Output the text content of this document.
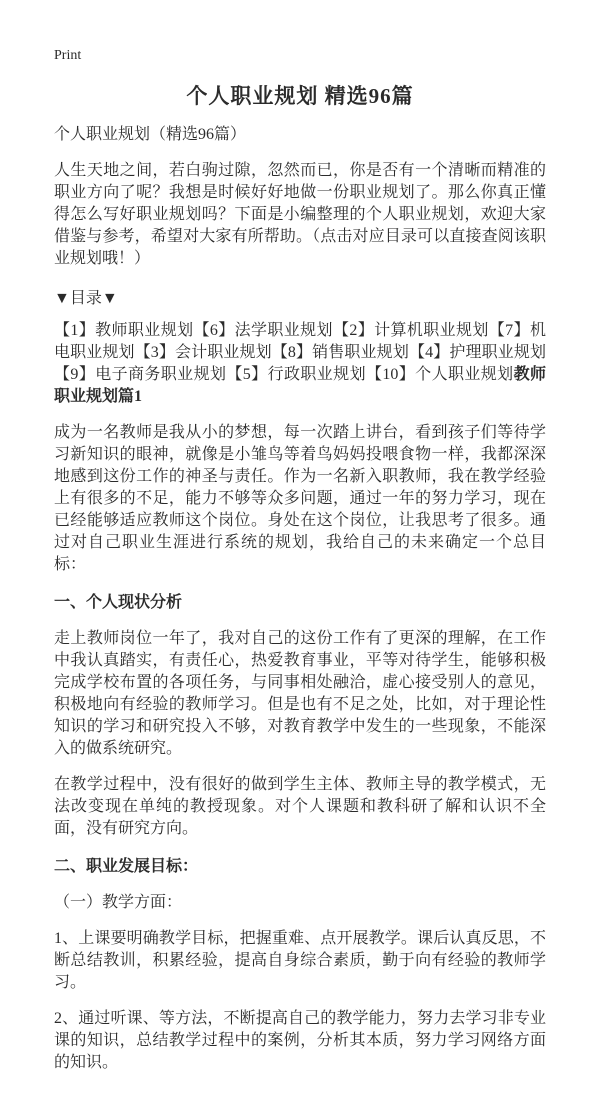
Print
个人职业规划 精选96篇

个人职业规划（精选96篇）

人生天地之间，若白驹过隙，忽然而已，你是否有一个清晰而精准的职业方向了呢？我想是时候好好地做一份职业规划了。那么你真正懂得怎么写好职业规划吗？下面是小编整理的个人职业规划，欢迎大家借鉴与参考，希望对大家有所帮助。（点击对应目录可以直接查阅该职业规划哦！）

▼目录▼

【1】教师职业规划【6】法学职业规划【2】计算机职业规划【7】机电职业规划【3】会计职业规划【8】销售职业规划【4】护理职业规划【9】电子商务职业规划【5】行政职业规划【10】个人职业规划教师职业规划篇1

成为一名教师是我从小的梦想，每一次踏上讲台，看到孩子们等待学习新知识的眼神，就像是小雏鸟等着鸟妈妈投喂食物一样，我都深深地感到这份工作的神圣与责任。作为一名新入职教师，我在教学经验上有很多的不足，能力不够等众多问题，通过一年的努力学习，现在已经能够适应教师这个岗位。身处在这个岗位，让我思考了很多。通过对自己职业生涯进行系统的规划，我给自己的未来确定一个总目标：

一、个人现状分析

走上教师岗位一年了，我对自己的这份工作有了更深的理解，在工作中我认真踏实，有责任心，热爱教育事业，平等对待学生，能够积极完成学校布置的各项任务，与同事相处融洽，虚心接受别人的意见，积极地向有经验的教师学习。但是也有不足之处，比如，对于理论性知识的学习和研究投入不够，对教育教学中发生的一些现象，不能深入的做系统研究。

在教学过程中，没有很好的做到学生主体、教师主导的教学模式，无法改变现在单纯的教授现象。对个人课题和教科研了解和认识不全面，没有研究方向。

二、职业发展目标：

（一）教学方面：

1、上课要明确教学目标，把握重难、点开展教学。课后认真反思，不断总结教训，积累经验，提高自身综合素质，勤于向有经验的教师学习。

2、通过听课、等方法，不断提高自己的教学能力，努力去学习非专业课的知识，总结教学过程中的案例，分析其本质，努力学习网络方面的知识。
